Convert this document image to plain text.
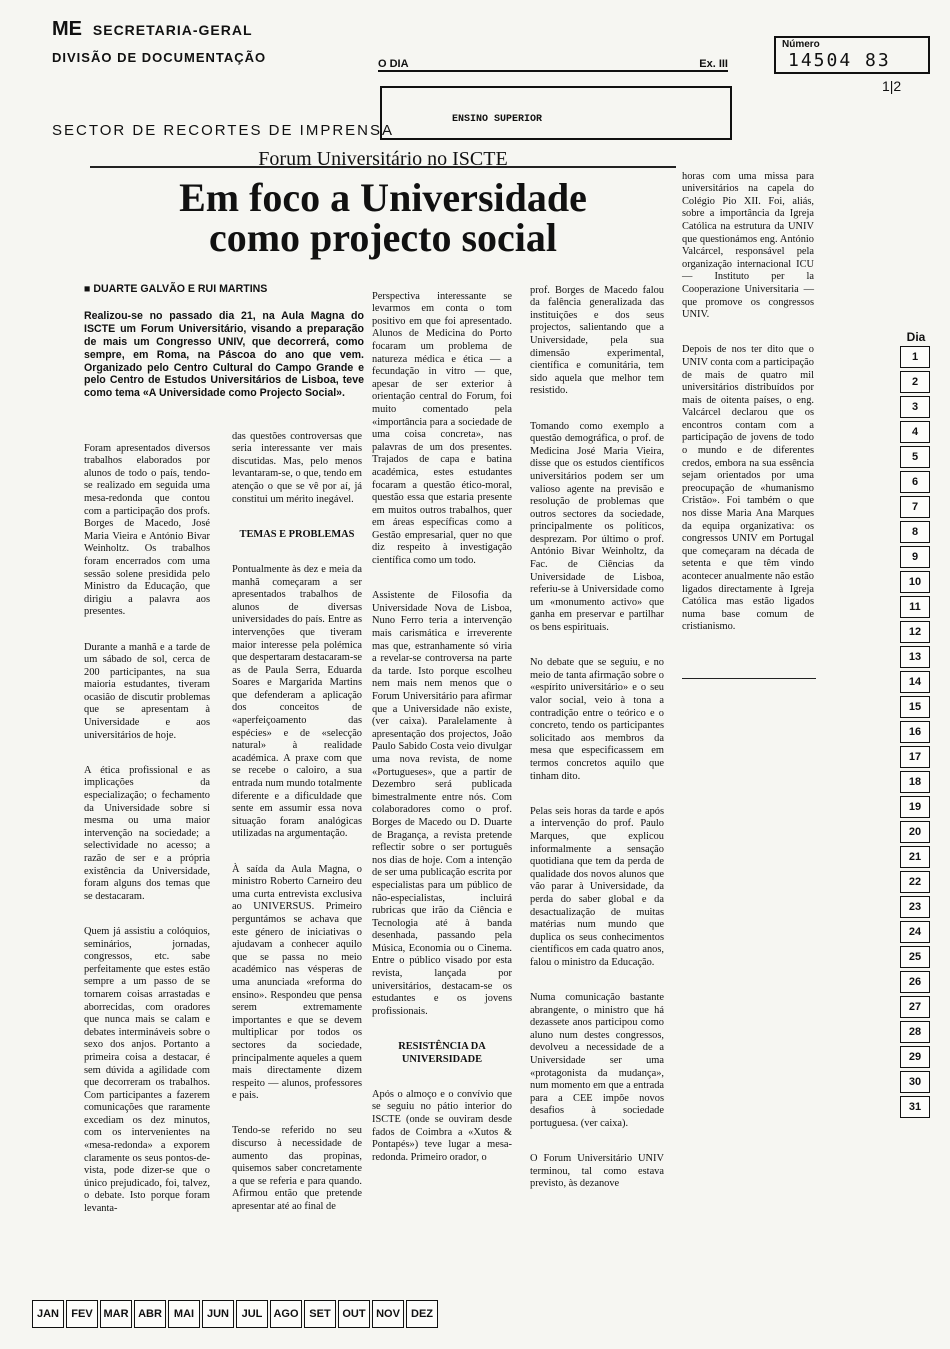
ME SECRETARIA-GERAL
DIVISÃO DE DOCUMENTAÇÃO
SECTOR DE RECORTES DE IMPRENSA
O DIA	Ex. III
Número
14504 83
1|2
ENSINO SUPERIOR
Forum Universitário no ISCTE
Em foco a Universidade
como projecto social

■ DUARTE GALVÃO E RUI MARTINS

Realizou-se no passado dia 21, na Aula Magna do ISCTE um Forum Universitário, visando a preparação de mais um Congresso UNIV, que decorrerá, como sempre, em Roma, na Páscoa do ano que vem. Organizado pelo Centro Cultural do Campo Grande e pelo Centro de Estudos Universitários de Lisboa, teve como tema «A Universidade como Projecto Social».

Foram apresentados diversos trabalhos elaborados por alunos de todo o país, tendo-se realizado em seguida uma mesa-redonda que contou com a participação dos profs. Borges de Macedo, José Maria Vieira e António Bivar Weinholtz. Os trabalhos foram encerrados com uma sessão solene presidida pelo Ministro da Educação, que dirigiu a palavra aos presentes.

Durante a manhã e a tarde de um sábado de sol, cerca de 200 participantes, na sua maioria estudantes, tiveram ocasião de discutir problemas que se apresentam à Universidade e aos universitários de hoje.

A ética profissional e as implicações da especialização; o fechamento da Universidade sobre si mesma ou uma maior intervenção na sociedade; a selectividade no acesso; a razão de ser e a própria existência da Universidade, foram alguns dos temas que se destacaram.

Quem já assistiu a colóquios, seminários, jornadas, congressos, etc. sabe perfeitamente que estes estão sempre a um passo de se tornarem coisas arrastadas e aborrecidas, com oradores que nunca mais se calam e debates intermináveis sobre o sexo dos anjos. Portanto a primeira coisa a destacar, é sem dúvida a agilidade com que decorreram os trabalhos. Com participantes a fazerem comunicações que raramente excediam os dez minutos, com os intervenientes na «mesa-redonda» a exporem claramente os seus pontos-de-vista, pode dizer-se que o único prejudicado, foi, talvez, o debate. Isto porque foram levanta-

das questões controversas que seria interessante ver mais discutidas. Mas, pelo menos levantaram-se, o que, tendo em atenção o que se vê por aí, já constitui um mérito inegável.

TEMAS E PROBLEMAS

Pontualmente às dez e meia da manhã começaram a ser apresentados trabalhos de alunos de diversas universidades do país. Entre as intervenções que tiveram maior interesse pela polémica que despertaram destacaram-se as de Paula Serra, Eduarda Soares e Margarida Martins que defenderam a aplicação dos conceitos de «aperfeiçoamento das espécies» e de «selecção natural» à realidade académica. A praxe com que se recebe o caloiro, a sua entrada num mundo totalmente diferente e a dificuldade que sente em assumir essa nova situação foram analógicas utilizadas na argumentação.

À saída da Aula Magna, o ministro Roberto Carneiro deu uma curta entrevista exclusiva ao UNIVERSUS. Primeiro perguntámos se achava que este género de iniciativas o ajudavam a conhecer aquilo que se passa no meio académico nas vésperas de uma anunciada «reforma do ensino». Respondeu que pensa serem extremamente importantes e que se devem multiplicar por todos os sectores da sociedade, principalmente aqueles a quem mais directamente dizem respeito — alunos, professores e pais.

Tendo-se referido no seu discurso à necessidade de aumento das propinas, quisemos saber concretamente a que se referia e para quando. Afirmou então que pretende apresentar até ao final de

Perspectiva interessante se levarmos em conta o tom positivo em que foi apresentado. Alunos de Medicina do Porto focaram um problema de natureza médica e ética — a fecundação in vitro — que, apesar de ser exterior à orientação central do Forum, foi muito comentado pela «importância para a sociedade de uma coisa concreta», nas palavras de um dos presentes. Trajados de capa e batina académica, estes estudantes focaram a questão ético-moral, questão essa que estaria presente em muitos outros trabalhos, quer em áreas específicas como a Gestão empresarial, quer no que diz respeito à investigação científica como um todo.

Assistente de Filosofia da Universidade Nova de Lisboa, Nuno Ferro teria a intervenção mais carismática e irreverente mas que, estranhamente só viria a revelar-se controversa na parte da tarde. Isto porque escolheu nem mais nem menos que o Forum Universitário para afirmar que a Universidade não existe, (ver caixa). Paralelamente à apresentação dos projectos, João Paulo Sabido Costa veio divulgar uma nova revista, de nome «Portugueses», que a partir de Dezembro será publicada bimestralmente entre nós. Com colaboradores como o prof. Borges de Macedo ou D. Duarte de Bragança, a revista pretende reflectir sobre o ser português nos dias de hoje. Com a intenção de ser uma publicação escrita por especialistas para um público de não-especialistas, incluirá rubricas que irão da Ciência e Tecnologia até à banda desenhada, passando pela Música, Economia ou o Cinema. Entre o público visado por esta revista, lançada por universitários, destacam-se os estudantes e os jovens profissionais.

RESISTÊNCIA DA UNIVERSIDADE

Após o almoço e o convívio que se seguiu no pátio interior do ISCTE (onde se ouviram desde fados de Coimbra a «Xutos & Pontapés») teve lugar a mesa-redonda. Primeiro orador, o

prof. Borges de Macedo falou da falência generalizada das instituições e dos seus projectos, salientando que a Universidade, pela sua dimensão experimental, científica e comunitária, tem sido aquela que melhor tem resistido.

Tomando como exemplo a questão demográfica, o prof. de Medicina José Maria Vieira, disse que os estudos científicos universitários podem ser um valioso agente na previsão e resolução de problemas que outros sectores da sociedade, principalmente os políticos, desprezam. Por último o prof. António Bivar Weinholtz, da Fac. de Ciências da Universidade de Lisboa, referiu-se à Universidade como um «monumento activo» que ganha em preservar e partilhar os bens espirituais.

No debate que se seguiu, e no meio de tanta afirmação sobre o «espírito universitário» e o seu valor social, veio à tona a contradição entre o teórico e o concreto, tendo os participantes solicitado aos membros da mesa que especificassem em termos concretos aquilo que tinham dito.

Pelas seis horas da tarde e após a intervenção do prof. Paulo Marques, que explicou informalmente a sensação quotidiana que tem da perda de qualidade dos novos alunos que vão parar à Universidade, da perda do saber global e da desactualização de muitas matérias num mundo que duplica os seus conhecimentos científicos em cada quatro anos, falou o ministro da Educação.

Numa comunicação bastante abrangente, o ministro que há dezassete anos participou como aluno num destes congressos, devolveu a necessidade de a Universidade ser uma «protagonista da mudança», num momento em que a entrada para a CEE impõe novos desafios à sociedade portuguesa. (ver caixa).

O Forum Universitário UNIV terminou, tal como estava previsto, às dezanove

horas com uma missa para universitários na capela do Colégio Pio XII. Foi, aliás, sobre a importância da Igreja Católica na estrutura da UNIV que questionámos eng. António Valcárcel, responsável pela organização internacional ICU — Instituto per la Cooperazione Universitaria — que promove os congressos UNIV.

Depois de nos ter dito que o UNIV conta com a participação de mais de quatro mil universitários distribuídos por mais de oitenta países, o eng. Valcárcel declarou que os encontros contam com a participação de jovens de todo o mundo e de diferentes credos, embora na sua essência sejam orientados por uma preocupação de «humanismo Cristão». Foi também o que nos disse Maria Ana Marques da equipa organizativa: os congressos UNIV em Portugal que começaram na década de setenta e que têm vindo acontecer anualmente não estão ligados directamente à Igreja Católica mas estão ligados numa base comum de cristianismo.

Dia
1
2
3
4
5
6
7
8
9
10
11
12
13
14
15
16
17
18
19
20
21
22
23
24
25
26
27
28
29
30
31
JAN	FEV MAR ABR	MAI	JUN	JUL	AGO SET	OUT NOV	DEZ
